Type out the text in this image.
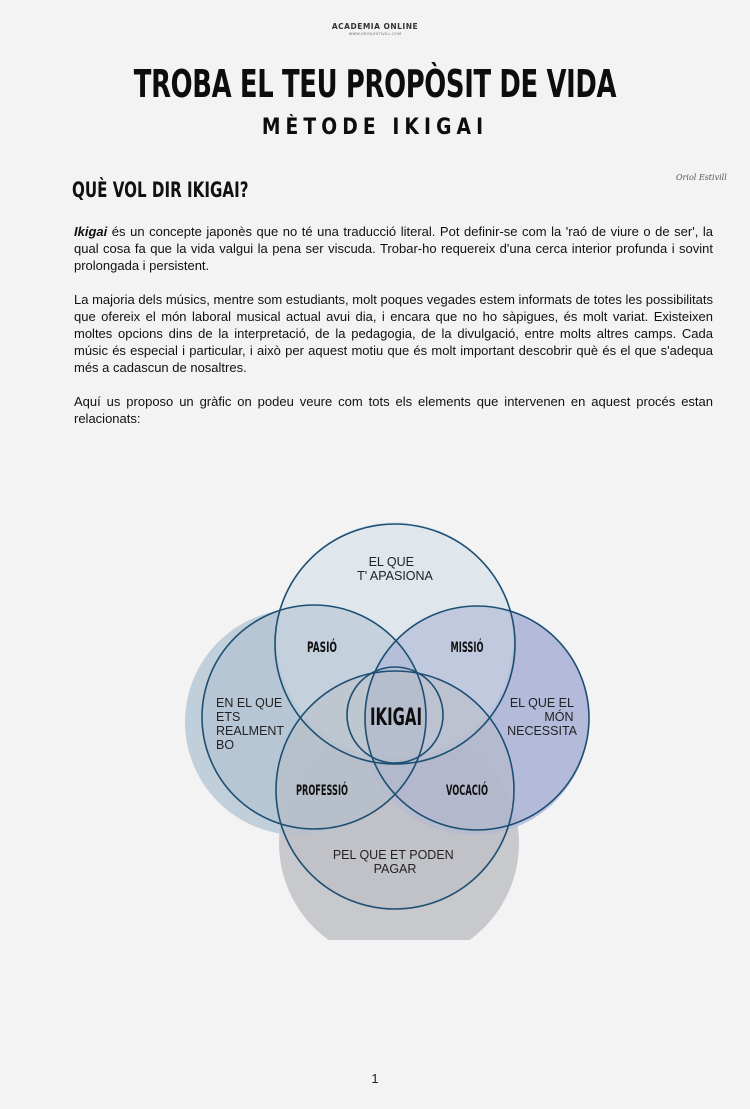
ACADEMIA ONLINE
WWW.ORIOLESTIVILL.COM
TROBA EL TEU PROPÒSIT DE VIDA
MÈTODE IKIGAI
QUÈ VOL DIR IKIGAI?
Oriol Estivill

Ikigai és un concepte japonès que no té una traducció literal. Pot definir-se com la 'raó de viure o de ser', la qual cosa fa que la vida valgui la pena ser viscuda. Trobar-ho requereix d'una cerca interior profunda i sovint prolongada i persistent.

La majoria dels músics, mentre som estudiants, molt poques vegades estem informats de totes les possibilitats que ofereix el món laboral musical actual avui dia, i encara que no ho sàpigues, és molt variat. Existeixen moltes opcions dins de la interpretació, de la pedagogia, de la divulgació, entre molts altres camps. Cada músic és especial i particular, i això per aquest motiu que és molt important descobrir què és el que s'adequa més a cadascun de nosaltres.

Aquí us proposo un gràfic on podeu veure com tots els elements que intervenen en aquest procés estan relacionats:

EL QUE T' APASIONA
EN EL QUE ETS REALMENT BO
EL QUE EL MÓN NECESSITA
PEL QUE ET PODEN PAGAR
PASIÓ	MISSIÓ
PROFESSIÓ	VOCACIÓ
IKIGAI
1
